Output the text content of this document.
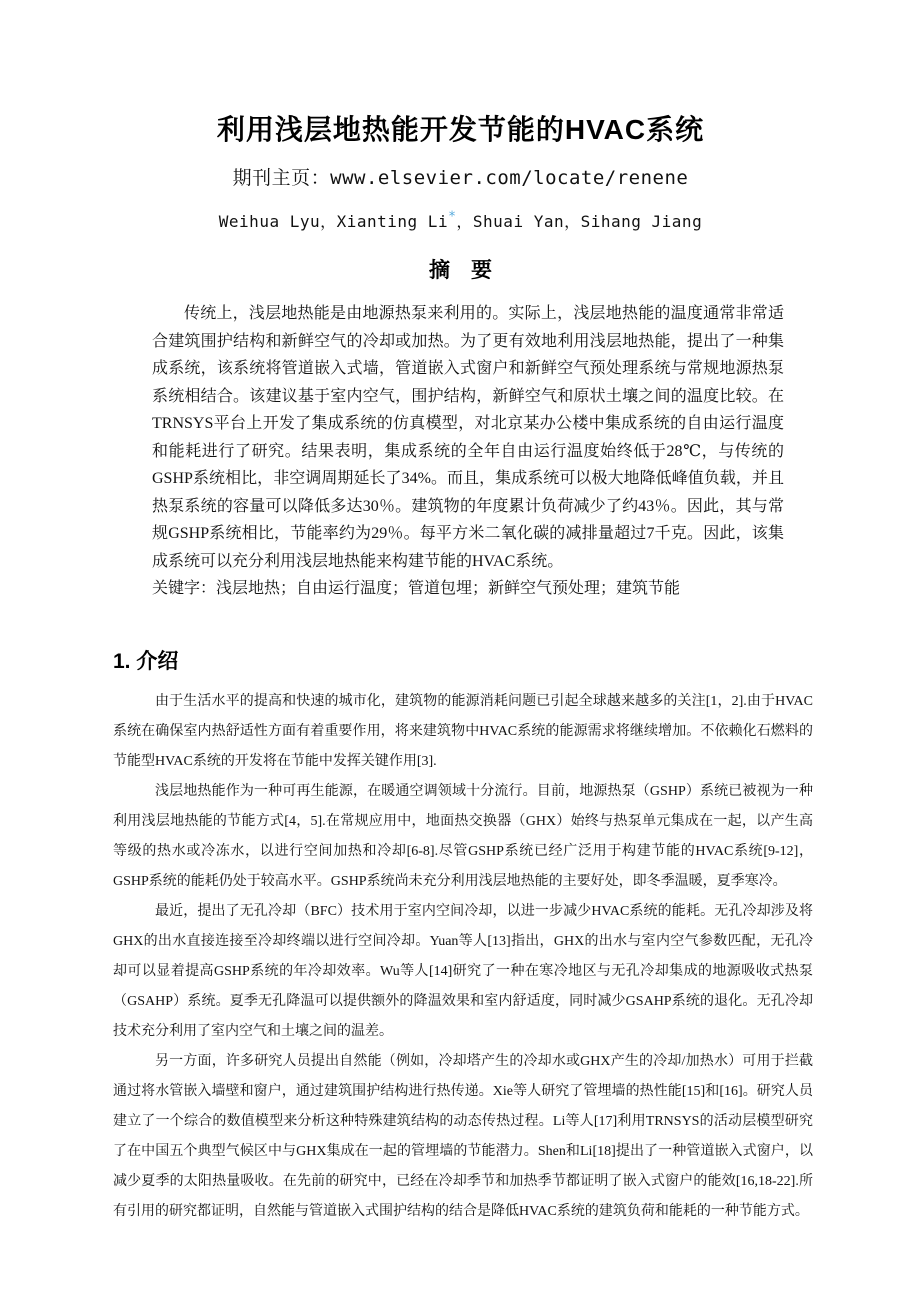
利用浅层地热能开发节能的HVAC系统
期刊主页：www.elsevier.com/locate/renene
Weihua Lyu，Xianting Li*，Shuai Yan，Sihang Jiang
摘　要

传统上，浅层地热能是由地源热泵来利用的。实际上，浅层地热能的温度通常非常适合建筑围护结构和新鲜空气的冷却或加热。为了更有效地利用浅层地热能，提出了一种集成系统，该系统将管道嵌入式墙，管道嵌入式窗户和新鲜空气预处理系统与常规地源热泵系统相结合。该建议基于室内空气，围护结构，新鲜空气和原状土壤之间的温度比较。在TRNSYS平台上开发了集成系统的仿真模型，对北京某办公楼中集成系统的自由运行温度和能耗进行了研究。结果表明，集成系统的全年自由运行温度始终低于28℃，与传统的GSHP系统相比，非空调周期延长了34%。而且，集成系统可以极大地降低峰值负载，并且热泵系统的容量可以降低多达30％。建筑物的年度累计负荷减少了约43％。因此，其与常规GSHP系统相比，节能率约为29％。每平方米二氧化碳的减排量超过7千克。因此，该集成系统可以充分利用浅层地热能来构建节能的HVAC系统。

关键字：浅层地热；自由运行温度；管道包埋；新鲜空气预处理；建筑节能

1. 介绍

由于生活水平的提高和快速的城市化，建筑物的能源消耗问题已引起全球越来越多的关注[1，2].由于HVAC系统在确保室内热舒适性方面有着重要作用，将来建筑物中HVAC系统的能源需求将继续增加。不依赖化石燃料的节能型HVAC系统的开发将在节能中发挥关键作用[3].

浅层地热能作为一种可再生能源，在暖通空调领域十分流行。目前，地源热泵（GSHP）系统已被视为一种利用浅层地热能的节能方式[4，5].在常规应用中，地面热交换器（GHX）始终与热泵单元集成在一起，以产生高等级的热水或冷冻水，以进行空间加热和冷却[6-8].尽管GSHP系统已经广泛用于构建节能的HVAC系统[9-12]，GSHP系统的能耗仍处于较高水平。GSHP系统尚未充分利用浅层地热能的主要好处，即冬季温暖，夏季寒冷。

最近，提出了无孔冷却（BFC）技术用于室内空间冷却，以进一步减少HVAC系统的能耗。无孔冷却涉及将GHX的出水直接连接至冷却终端以进行空间冷却。Yuan等人[13]指出，GHX的出水与室内空气参数匹配，无孔冷却可以显着提高GSHP系统的年冷却效率。Wu等人[14]研究了一种在寒冷地区与无孔冷却集成的地源吸收式热泵（GSAHP）系统。夏季无孔降温可以提供额外的降温效果和室内舒适度，同时减少GSAHP系统的退化。无孔冷却技术充分利用了室内空气和土壤之间的温差。

另一方面，许多研究人员提出自然能（例如，冷却塔产生的冷却水或GHX产生的冷却/加热水）可用于拦截通过将水管嵌入墙壁和窗户，通过建筑围护结构进行热传递。Xie等人研究了管埋墙的热性能[15]和[16]。研究人员建立了一个综合的数值模型来分析这种特殊建筑结构的动态传热过程。Li等人[17]利用TRNSYS的活动层模型研究了在中国五个典型气候区中与GHX集成在一起的管埋墙的节能潜力。Shen和Li[18]提出了一种管道嵌入式窗户，以减少夏季的太阳热量吸收。在先前的研究中，已经在冷却季节和加热季节都证明了嵌入式窗户的能效[16,18-22].所有引用的研究都证明，自然能与管道嵌入式围护结构的结合是降低HVAC系统的建筑负荷和能耗的一种节能方式。
